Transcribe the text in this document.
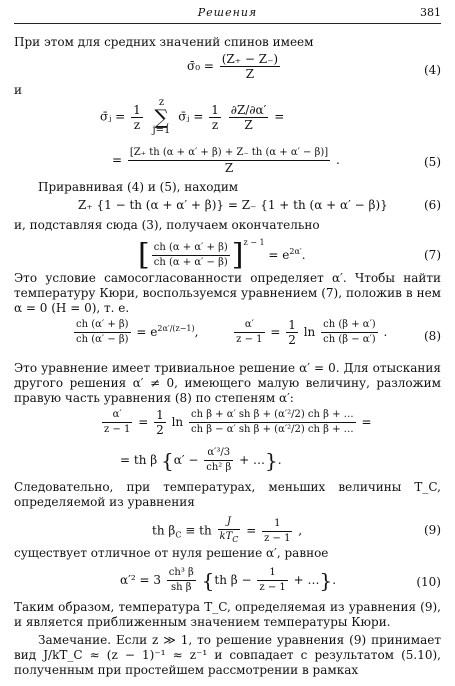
Решения	381
При этом для средних значений спинов имеем
σ̄₀ = $\frac{(Z_+ - Z_-)}{Z}$	(4)
и
σ̄ⱼ = $\frac{1}{z}$
	z
∑
j=1
σ̄ⱼ = $\frac{1}{z}$
$\frac{\partial Z/\partial\alpha'}{Z}$ =
= $\frac{[Z_+ th (\alpha + \alpha' + \beta) + Z_- th (\alpha + \alpha' - \beta)]}{Z}$ .	(5)
Приравнивая (4) и (5), находим
Z₊ {1 − th (α + α′ + β)} = Z₋ {1 + th (α + α′ − β)}	(6)
и, подставляя сюда (3), получаем окончательно
[ $\frac{ch (\alpha + \alpha' + \beta)}{ch (\alpha + \alpha' - \beta)} ]^{z - 1} = e^{2\alpha'}$.	(7)
Это условие самосогласованности определяет α′. Чтобы найти температуру Кюри, воспользуемся уравнением (7), положив в нем α = 0 (H = 0), т. е.
$\frac{ch (\alpha' + \beta)}{ch (\alpha' - \beta)} = e^{2\alpha'/(z-1)}$,	$\frac{\alpha'}{z - 1} = \frac{1}{2}$ $\ln \frac{ch (\beta + \alpha')}{ch (\beta - \alpha')}$ .	(8)
Это уравнение имеет тривиальное решение α′ = 0. Для отыскания другого решения α′ ≠ 0, имеющего малую величину, разложим правую часть уравнения (8) по степеням α′:
$\frac{\alpha'}{z - 1} = \frac{1}{2}$ $\ln \frac{\text{ch β + α′ sh β + (α′²/2) ch β + …}}{\text{ch β − α′ sh β + (α′²/2) ch β + …}}$ =
= th β {$\alpha' - \frac{\text{α′³/3}}{\text{ch² β}}$ + …}.
Следовательно, при температурах, меньших величины T_C, определяемой из уравнения
th $\beta_C$ ≡ th $\frac{J}{kT_C} = \frac{1}{z - 1}$ ,	(9)
существует отличное от нуля решение α′, равное
$\alpha'^2 = 3 \frac{\text{ch³ β}}{\text{sh β}} \{th$ $\beta - \frac{1}{z - 1}$ + …}.	(10)
Таким образом, температура T_C, определяемая из уравнения (9), и является приближенным значением температуры Кюри.
Замечание. Если z ≫ 1, то решение уравнения (9) принимает вид J/kT_C ≈ (z − 1)⁻¹ ≈ z⁻¹ и совпадает с результатом (5.10), полученным при простейшем рассмотрении в рамках
